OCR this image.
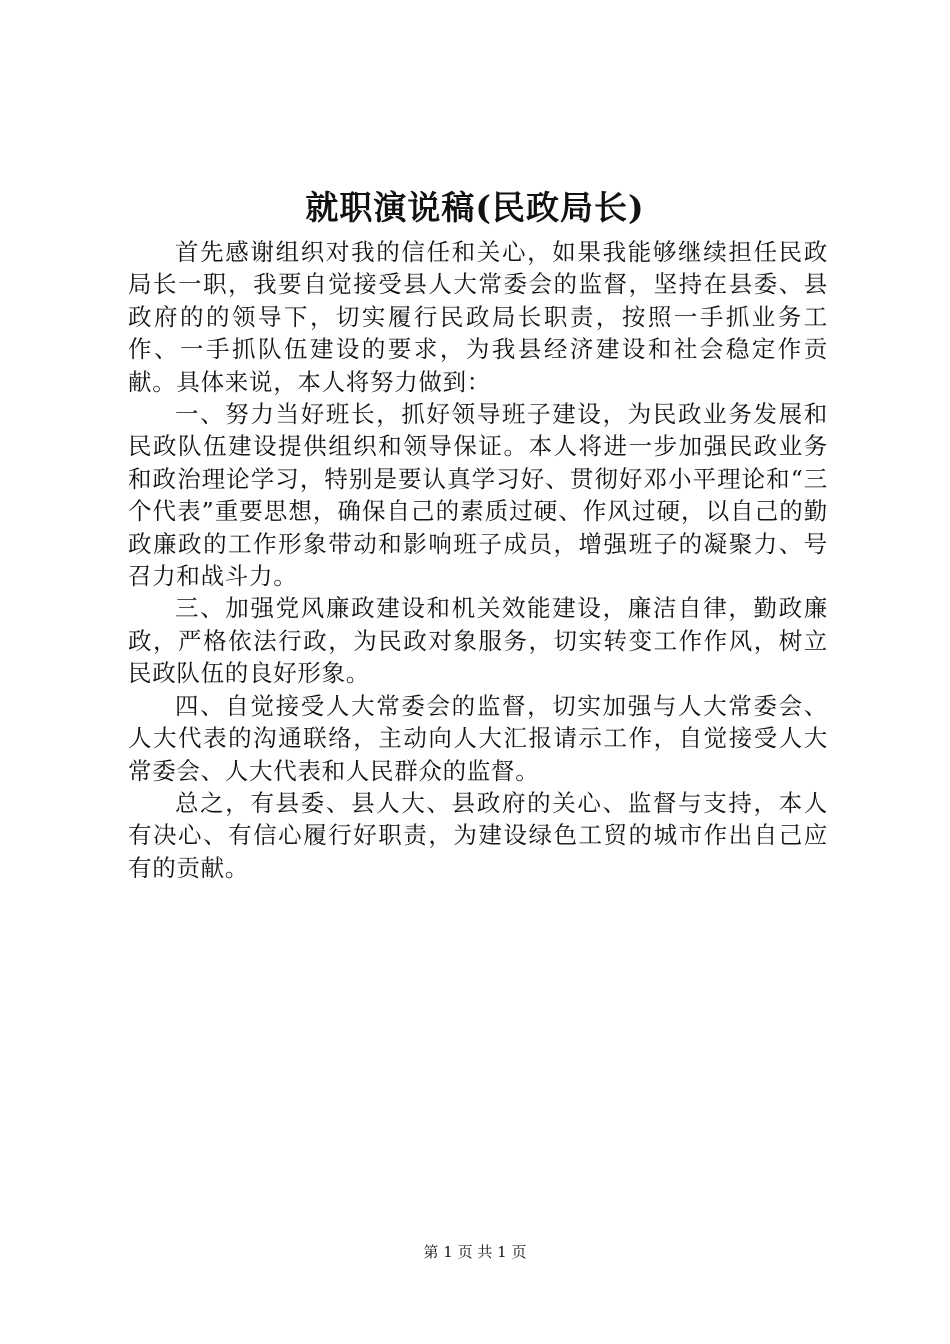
就职演说稿(民政局长)

首先感谢组织对我的信任和关心，如果我能够继续担任民政局长一职，我要自觉接受县人大常委会的监督，坚持在县委、县政府的的领导下，切实履行民政局长职责，按照一手抓业务工作、一手抓队伍建设的要求，为我县经济建设和社会稳定作贡献。具体来说，本人将努力做到：

一、努力当好班长，抓好领导班子建设，为民政业务发展和民政队伍建设提供组织和领导保证。本人将进一步加强民政业务和政治理论学习，特别是要认真学习好、贯彻好邓小平理论和“三个代表”重要思想，确保自己的素质过硬、作风过硬，以自己的勤政廉政的工作形象带动和影响班子成员，增强班子的凝聚力、号召力和战斗力。

三、加强党风廉政建设和机关效能建设，廉洁自律，勤政廉政，严格依法行政，为民政对象服务，切实转变工作作风，树立民政队伍的良好形象。

四、自觉接受人大常委会的监督，切实加强与人大常委会、人大代表的沟通联络，主动向人大汇报请示工作，自觉接受人大常委会、人大代表和人民群众的监督。

总之，有县委、县人大、县政府的关心、监督与支持，本人有决心、有信心履行好职责，为建设绿色工贸的城市作出自己应有的贡献。

第 1 页 共 1 页
